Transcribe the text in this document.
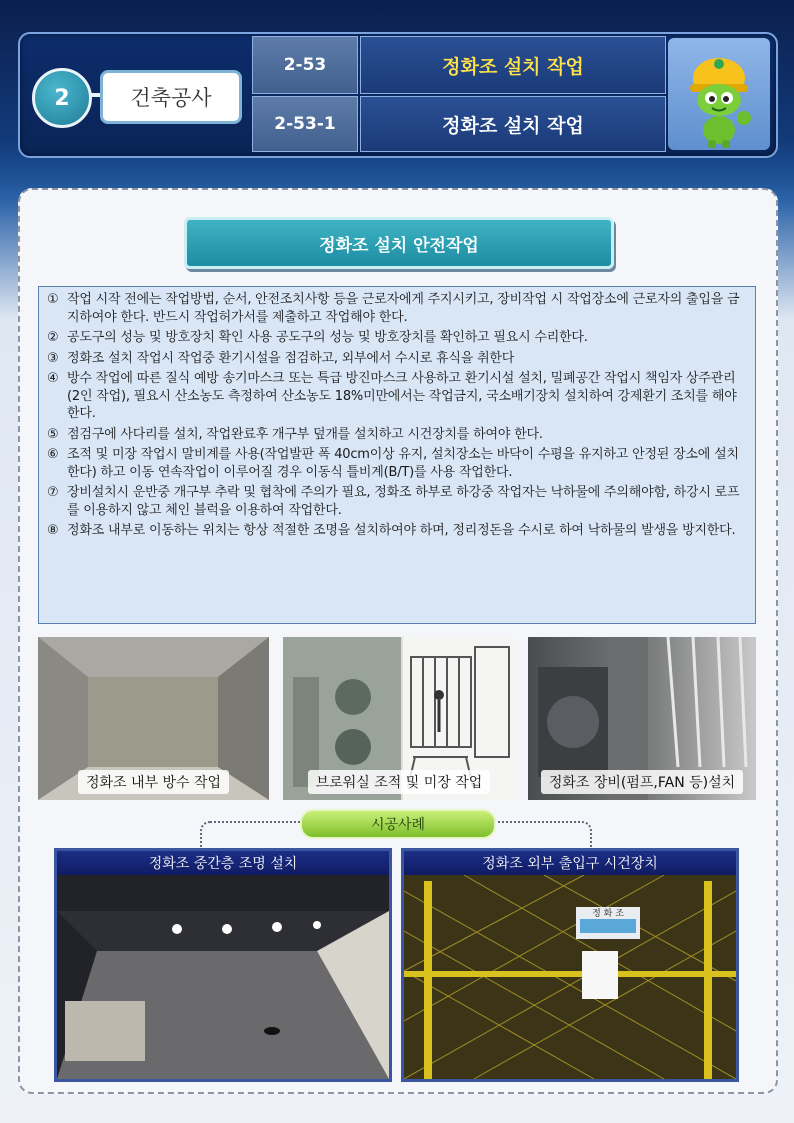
2	건축공사
2-53
2-53-1
정화조 설치 작업
정화조 설치 작업
정화조 설치 안전작업
① 작업 시작 전에는 작업방법, 순서, 안전조치사항 등을 근로자에게 주지시키고, 장비작업 시 작업장소에 근로자의 출입을 금지하여야 한다. 반드시 작업허가서를 제출하고 작업해야 한다.
② 공도구의 성능 및 방호장치 확인 사용 공도구의 성능 및 방호장치를 확인하고 필요시 수리한다.
③ 정화조 설치 작업시 작업중 환기시설을 점검하고, 외부에서 수시로 휴식을 취한다
④ 방수 작업에 따른 질식 예방 송기마스크 또는 특급 방진마스크 사용하고 환기시설 설치, 밀폐공간 작업시 책임자 상주관리(2인 작업), 필요시 산소농도 측정하여 산소농도 18%미만에서는 작업금지, 국소배기장치 설치하여 강제환기 조치를 해야 한다.
⑤ 점검구에 사다리를 설치, 작업완료후 개구부 덮개를 설치하고 시건장치를 하여야 한다.
⑥ 조적 및 미장 작업시 말비계를 사용(작업발판 폭 40cm이상 유지, 설치장소는 바닥이 수평을 유지하고 안정된 장소에 설치한다) 하고 이동 연속작업이 이루어질 경우 이동식 틀비계(B/T)를 사용 작업한다.
⑦ 장비설치시 운반중 개구부 추락 및 협착에 주의가 필요, 정화조 하부로 하강중 작업자는 낙하물에 주의해야함, 하강시 로프를 이용하지 않고 체인 블럭을 이용하여 작업한다.
⑧ 정화조 내부로 이동하는 위치는 항상 적절한 조명을 설치하여야 하며, 정리정돈을 수시로 하여 낙하물의 발생을 방지한다.
정화조 내부 방수 작업	브로워실 조적 및 미장 작업	정화조 장비(펌프,FAN 등)설치
시공사례
정화조 중간층 조명 설치
정 화 조
정화조 외부 출입구 시건장치
